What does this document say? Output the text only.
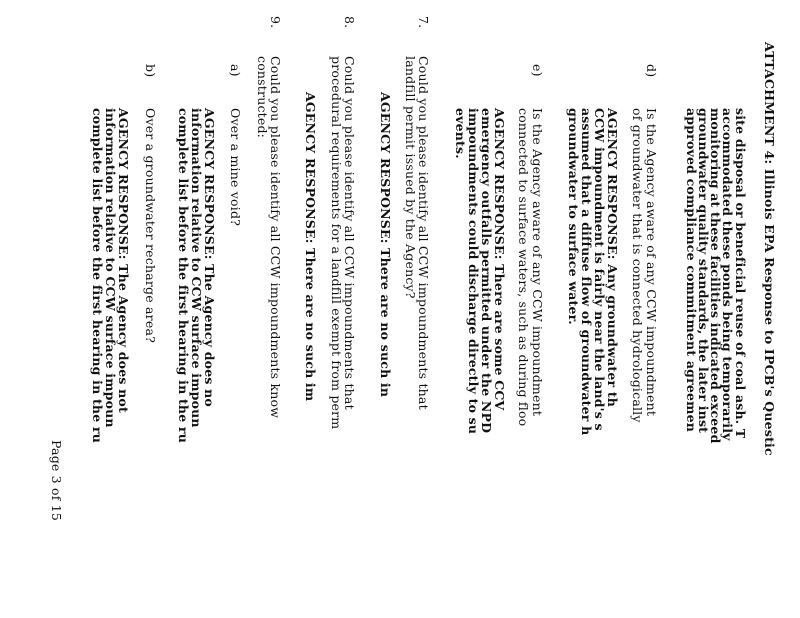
ATTACHMENT 4: Illinois EPA Response to IPCB's Questic
site disposal or beneficial reuse of coal ash. T
accommodated these ponds being temporarily
monitoring at these facilities indicated exceed
groundwater quality standards, the later inst
approved compliance commitment agreemen
d)
Is the Agency aware of any CCW impoundment
of groundwater that is connected hydrologically
AGENCY RESPONSE: Any groundwater th
CCW impoundment is fairly near the land's s
assumed that a diffuse flow of groundwater h
groundwater to surface water.
e)
Is the Agency aware of any CCW impoundment
connected to surface waters, such as during floo
AGENCY RESPONSE: There are some CCV
emergency outfalls permitted under the NPD
impoundments could discharge directly to su
events.
7.
Could you please identify all CCW impoundments that
landfill permit issued by the Agency?
AGENCY RESPONSE: There are no such in
8.
Could you please identify all CCW impoundments that
procedural requirements for a landfill exempt from perm
AGENCY RESPONSE: There are no such im
9.
Could you please identify all CCW impoundments know
constructed:
a)
Over a mine void?
AGENCY RESPONSE: The Agency does no
information relative to CCW surface impoun
complete list before the first hearing in the ru
b)
Over a groundwater recharge area?
AGENCY RESPONSE: The Agency does not
information relative to CCW surface impoun
complete list before the first hearing in the ru
Page 3 of 15
